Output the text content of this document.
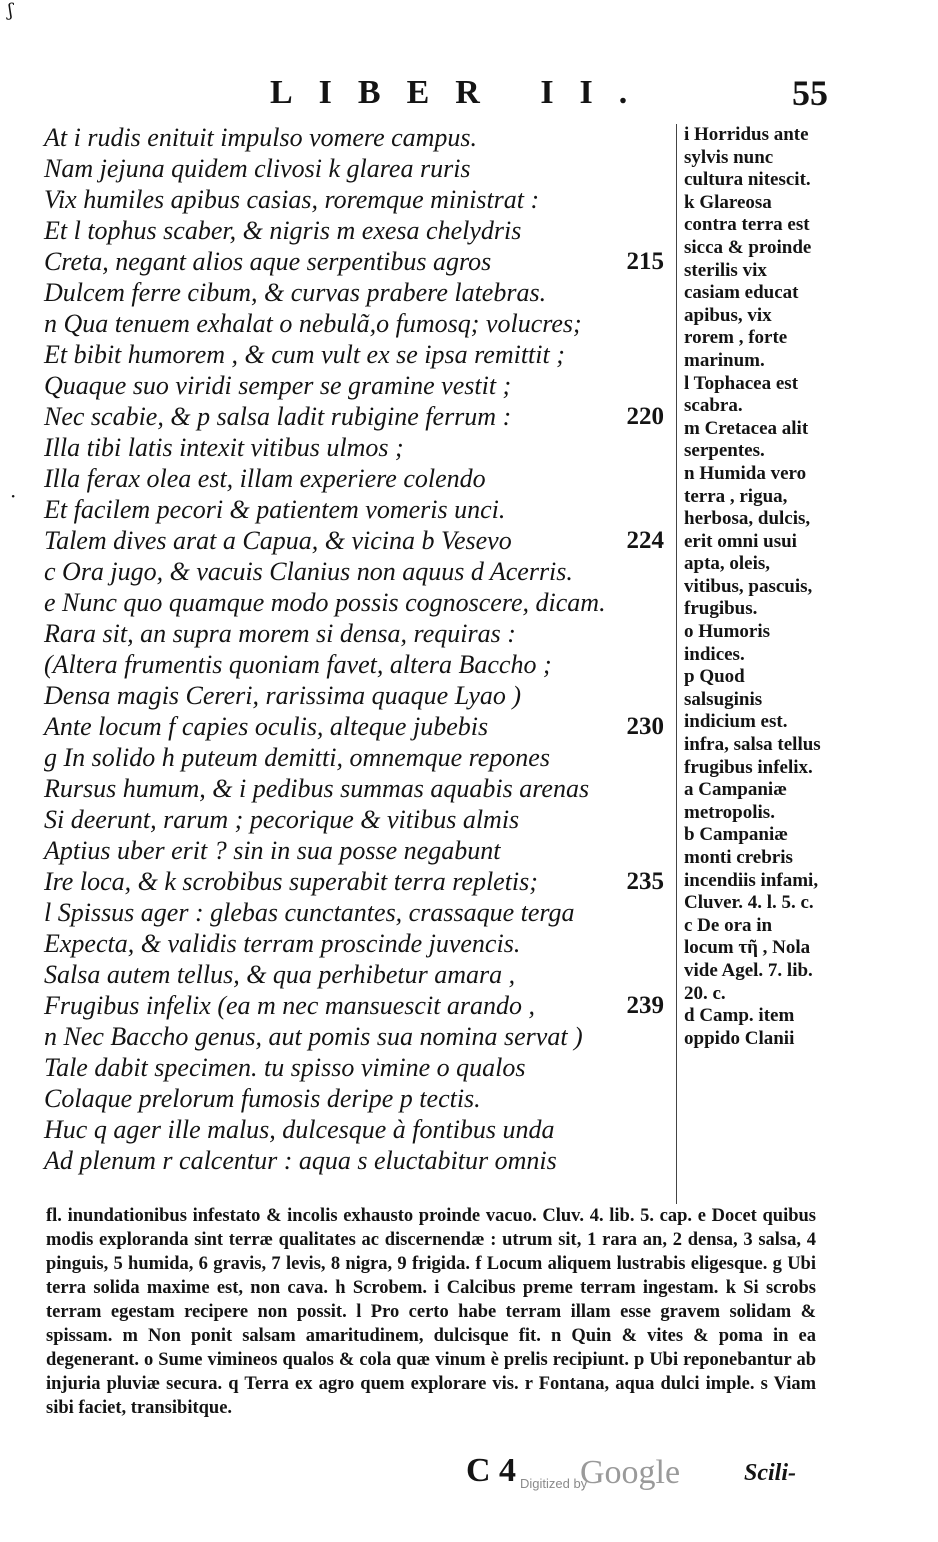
ʃ
·
LIBER II.	55
At i rudis enituit impulso vomere campus.
Nam jejuna quidem clivosi k glarea ruris
Vix humiles apibus casias, roremque ministrat :
Et l tophus scaber, & nigris m exesa chelydris
Creta, negant alios aque serpentibus agros	215
Dulcem ferre cibum, & curvas prabere latebras.
n Qua tenuem exhalat o nebulã,o fumosq; volucres;
Et bibit humorem , & cum vult ex se ipsa remittit ;
Quaque suo viridi semper se gramine vestit ;
Nec scabie, & p salsa ladit rubigine ferrum :	220
Illa tibi latis intexit vitibus ulmos ;
Illa ferax olea est, illam experiere colendo
Et facilem pecori & patientem vomeris unci.
Talem dives arat a Capua, & vicina b Vesevo	224
c Ora jugo, & vacuis Clanius non aquus d Acerris.
e Nunc quo quamque modo possis cognoscere, dicam.
Rara sit, an supra morem si densa, requiras :
(Altera frumentis quoniam favet, altera Baccho ;
Densa magis Cereri, rarissima quaque Lyao )
Ante locum f capies oculis, alteque jubebis	230
g In solido h puteum demitti, omnemque repones
Rursus humum, & i pedibus summas aquabis arenas
Si deerunt, rarum ; pecorique & vitibus almis
Aptius uber erit ? sin in sua posse negabunt
Ire loca, & k scrobibus superabit terra repletis;	235
l Spissus ager : glebas cunctantes, crassaque terga
Expecta, & validis terram proscinde juvencis.
Salsa autem tellus, & qua perhibetur amara ,
Frugibus infelix (ea m nec mansuescit arando ,	239
n Nec Baccho genus, aut pomis sua nomina servat )
Tale dabit specimen. tu spisso vimine o qualos
Colaque prelorum fumosis deripe p tectis.
Huc q ager ille malus, dulcesque à fontibus unda
Ad plenum r calcentur : aqua s eluctabitur omnis

i Horridus ante sylvis nunc cultura nitescit.

k Glareosa contra terra est sicca & proinde sterilis vix casiam educat apibus, vix rorem , forte marinum.

l Tophacea est scabra.

m Cretacea alit serpentes.

n Humida vero terra , rigua, herbosa, dulcis, erit omni usui apta, oleis, vitibus, pascuis, frugibus.

o Humoris indices.

p Quod salsuginis indicium est. infra, salsa tellus frugibus infelix.

a Campaniæ metropolis.

b Campaniæ monti crebris incendiis infami, Cluver. 4. l. 5. c.

c De ora in locum τῆ , Nola vide Agel. 7. lib. 20. c.

d Camp. item oppido Clanii

fl. inundationibus infestato & incolis exhausto proinde vacuo. Cluv. 4. lib. 5. cap. e Docet quibus modis exploranda sint terræ qualitates ac discernendæ : utrum sit, 1 rara an, 2 densa, 3 salsa, 4 pinguis, 5 humida, 6 gravis, 7 levis, 8 nigra, 9 frigida. f Locum aliquem lustrabis eligesque. g Ubi terra solida maxime est, non cava. h Scrobem. i Calcibus preme terram ingestam. k Si scrobs terram egestam recipere non possit. l Pro certo habe terram illam esse gravem solidam & spissam. m Non ponit salsam amaritudinem, dulcisque fit. n Quin & vites & poma in ea degenerant. o Sume vimineos qualos & cola quæ vinum è prelis recipiunt. p Ubi reponebantur ab injuria pluviæ secura. q Terra ex agro quem explorare vis. r Fontana, aqua dulci imple. s Viam sibi faciet, transibitque.

C 4 Digitized by
Google	Scili-
